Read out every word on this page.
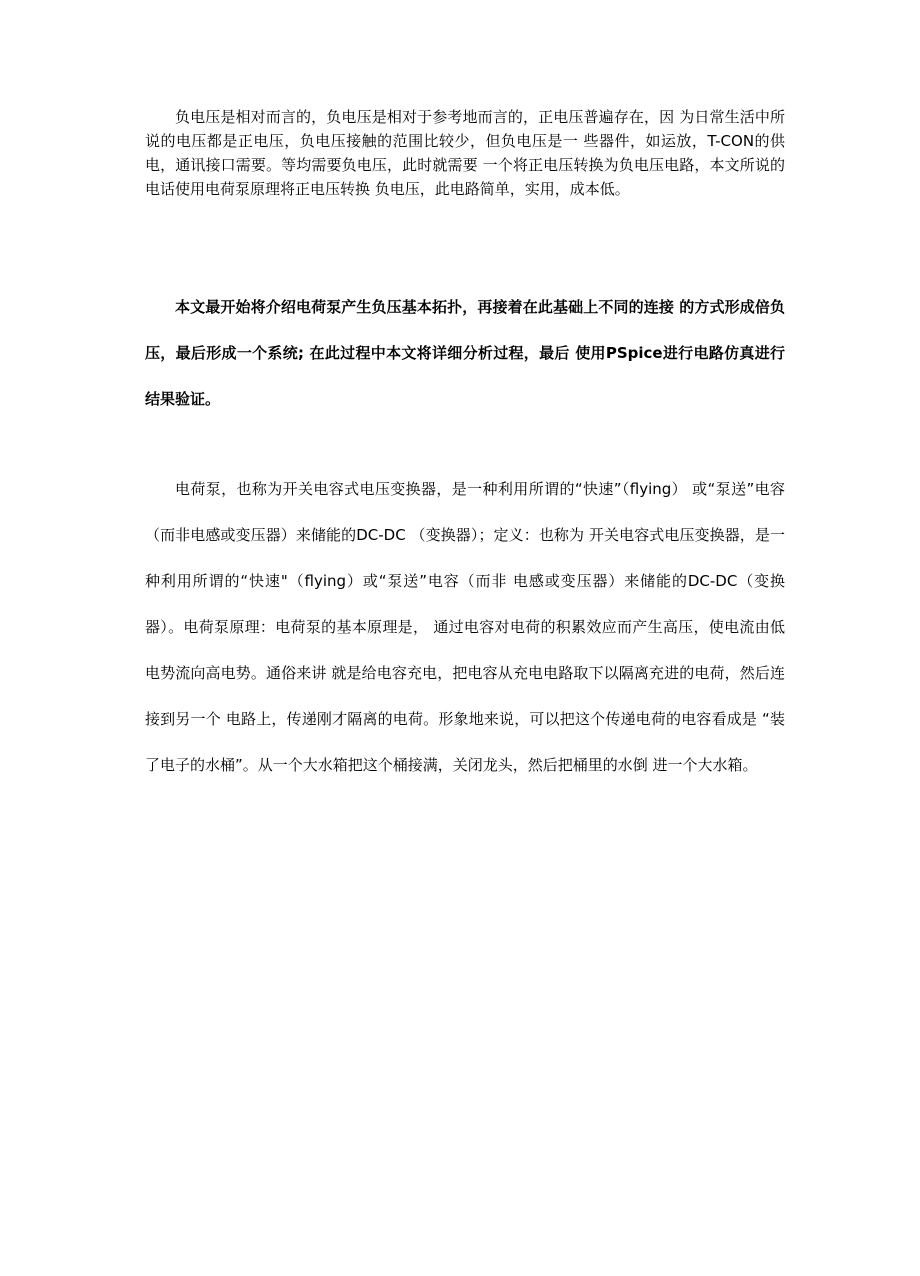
负电压是相对而言的，负电压是相对于参考地而言的，正电压普遍存在，因 为日常生活中所说的电压都是正电压，负电压接触的范围比较少，但负电压是一 些器件，如运放，T-CON的供电，通讯接口需要。等均需要负电压，此时就需要 一个将正电压转换为负电压电路，本文所说的电话使用电荷泵原理将正电压转换 负电压，此电路简单，实用，成本低。

本文最开始将介绍电荷泵产生负压基本拓扑，再接着在此基础上不同的连接 的方式形成倍负压，最后形成一个系统; 在此过程中本文将详细分析过程，最后 使用PSpice进行电路仿真进行结果验证。

电荷泵，也称为开关电容式电压变换器，是一种利用所谓的“快速”（flying） 或“泵送”电容（而非电感或变压器）来储能的DC-DC （变换器）；定义：也称为 开关电容式电压变换器，是一种利用所谓的“快速"（flying）或“泵送”电容（而非 电感或变压器）来储能的DC-DC（变换器）。电荷泵原理：电荷泵的基本原理是， 通过电容对电荷的积累效应而产生高压，使电流由低电势流向高电势。通俗来讲 就是给电容充电，把电容从充电电路取下以隔离充进的电荷，然后连接到另一个 电路上，传递刚才隔离的电荷。形象地来说，可以把这个传递电荷的电容看成是 “装了电子的水桶”。从一个大水箱把这个桶接满，关闭龙头，然后把桶里的水倒 进一个大水箱。
